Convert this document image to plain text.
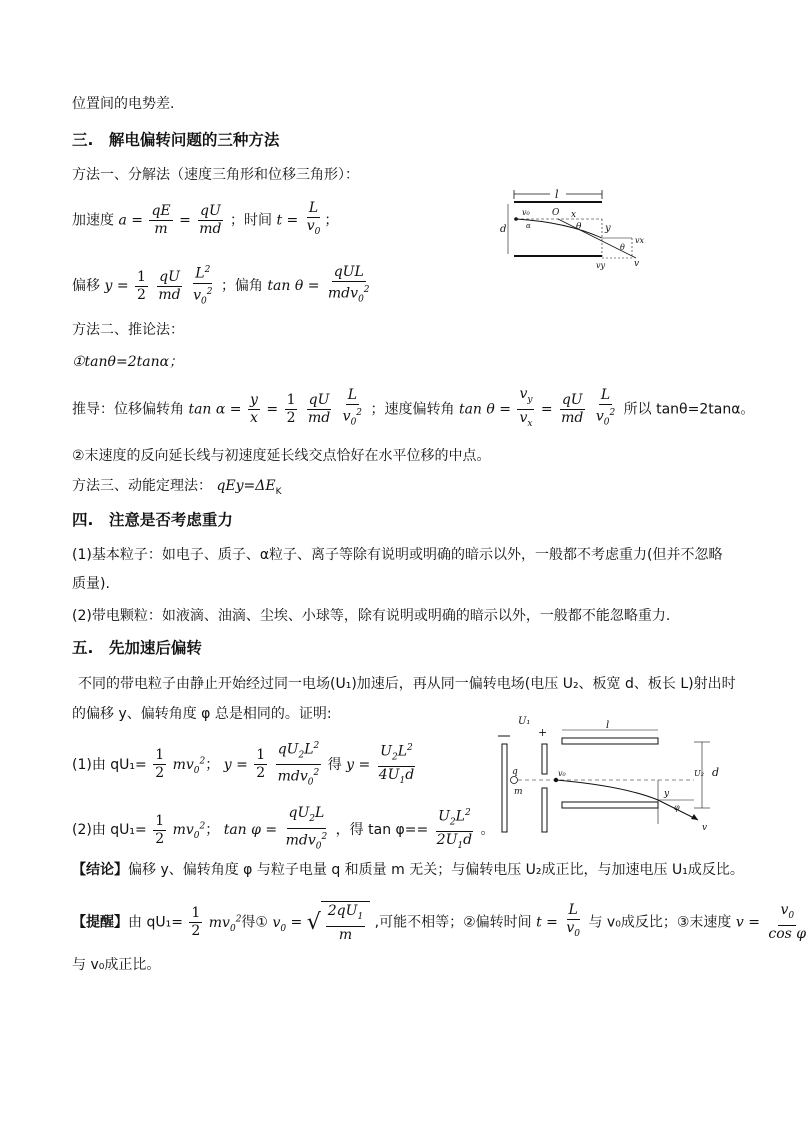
位置间的电势差.
三.　解电偏转问题的三种方法
方法一、分解法（速度三角形和位移三角形）：
加速度 $a = \frac{qE}{m} = \frac{qU}{md}$ ；时间 $t = \frac{L}{v_0}$ ；
偏移 $y = \frac{1}{2}$
$\frac{qU}{md}$
$\frac{L^2}{v_0^2}$ ；偏角 $\tan \theta = \frac{\text{qUL}}{mdv_0^2}$
方法二、推论法：
①tanθ=2tanα；
推导：位移偏转角 $\tan \alpha = \frac{y}{x} = \frac{1}{2}$
$\frac{qU}{md}$
$\frac{L}{v_0^2}$ ；速度偏转角 $\tan \theta = \frac{v_y}{v_x} = \frac{qU}{md}$
$\frac{L}{v_0^2}$ 所以 tanθ=2tanα。
②末速度的反向延长线与初速度延长线交点恰好在水平位移的中点。
方法三、动能定理法： $qEy=\Delta E_K$
四.　注意是否考虑重力
(1)基本粒子：如电子、质子、α粒子、离子等除有说明或明确的暗示以外，一般都不考虑重力(但并不忽略
质量).
(2)带电颗粒：如液滴、油滴、尘埃、小球等，除有说明或明确的暗示以外，一般都不能忽略重力.
五.　先加速后偏转
不同的带电粒子由静止开始经过同一电场(U₁)加速后，再从同一偏转电场(电压 U₂、板宽 d、板长 L)射出时
的偏移 y、偏转角度 φ 总是相同的。证明:
(1)由 $qU_1= \frac{1}{2} mv_0^2$； $y = \frac{1}{2}$
$\frac{qU_2L^2}{mdv_0^2}$ 得 $y = \frac{U_2L^2}{4U_1d}$
(2)由 $qU_1= \frac{1}{2} mv_0^2$； $\tan \varphi = \frac{qU_2L}{mdv_0^2}$ ，得 $\tan \varphi== \frac{U_2L^2}{2U_1d}$ 。
【结论】偏移 y、偏转角度 φ 与粒子电量 q 和质量 m 无关；与偏转电压 U₂成正比，与加速电压 U₁成反比。
【提醒】由 $qU_1= \frac{1}{2} mv_0^2$得① $v_0$ = √ $\frac{2qU_1}{m}$ ,可能不相等；②偏转时间 $t = \frac{L}{v_0}$ 与 v₀成反比；③末速度 $v = \frac{v_0}{\text{cos φ}}$
与 v₀成正比。
l
d
v₀ O x
θ
α	y
θ
vx
vy	v
U₁
+
l
d
U₂
q
m
v₀
y
φ
v
